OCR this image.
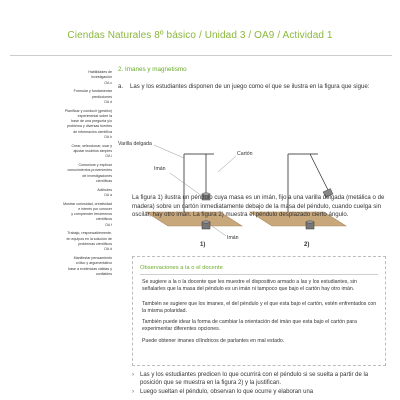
Ciendas Naturales 8º básico / Unidad 3 / OA9 / Actividad 1
Habilidades de
investigación
OA c
Formular y fundamentar
predicciones
OA d
Planificar y conducir (gestión)
experimental sobre la
base de una pregunta y/o
problema y diversas fuentes
de información científica
OA h
Crear, seleccionar, usar y
ajustar modelos simples
OA l
Comunicar y explicar
conocimientos provenientes
de investigaciones
científicas
Actitudes
OA a
Mostrar curiosidad, creatividad
e interés por conocer
y comprender fenómenos
científicos
OA f
Trabajo, responsablemente,
en equipos en la solución de
problemas científicos
OA d
Manifestar pensamiento
crítico y argumentativo
base a evidencias válidas y
confiables
2. Imanes y magnetismo
a. Las y los estudiantes disponen de un juego como el que se ilustra en la figura que sigue:
Varilla delgada
Cartón
Imán
Imán
1)	2)
La figura 1) ilustra un péndulo cuya masa es un imán, fijo a una varilla delgada (metálica o de madera) sobre un cartón inmediatamente debajo de la masa del péndulo, cuando cuelga sin oscilar, hay otro imán. La figura 2) muestra el péndulo desplazado cierto ángulo.
Observaciones a la o el docente
Se sugiere a la o la docente que les muestre el dispositivo armado a las y los estudiantes, sin señalarles que la masa del péndulo es un imán ni tampoco que bajo el cartón hay otro imán.
También se sugiere que los imanes, el del péndulo y el que esta bajo el cartón, estén enfrentados con la misma polaridad.
También puede idear la forma de cambiar la orientación del imán que esta bajo el cartón para experimentar diferentes opciones.
Puede obtener imanes cilíndricos de parlantes en mal estado.
› Las y los estudiantes predicen lo que ocurrirá con el péndulo si se suelta a partir de la posición que se muestra en la figura 2) y la justifican.
› Luego sueltan el péndulo, observan lo que ocurre y elaboran una
